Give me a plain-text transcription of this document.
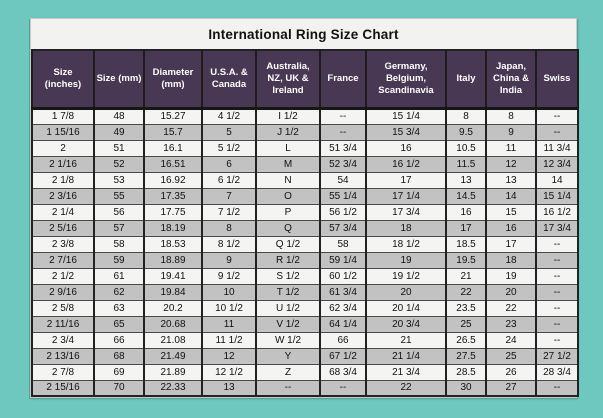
International Ring Size Chart
Size (inches)	Size (mm)	Diameter (mm)	U.S.A. & Canada	Australia, NZ, UK & Ireland	France	Germany, Belgium, Scandinavia	Italy	Japan, China & India	Swiss
1 7/8	48	15.27	4 1/2	I 1/2	--	15 1/4	8	8	--
1 15/16	49	15.7	5	J 1/2	--	15 3/4	9.5	9	--
2	51	16.1	5 1/2	L	51 3/4	16	10.5	11	11 3/4
2 1/16	52	16.51	6	M	52 3/4	16 1/2	11.5	12	12 3/4
2 1/8	53	16.92	6 1/2	N	54	17	13	13	14
2 3/16	55	17.35	7	O	55 1/4	17 1/4	14.5	14	15 1/4
2 1/4	56	17.75	7 1/2	P	56 1/2	17 3/4	16	15	16 1/2
2 5/16	57	18.19	8	Q	57 3/4	18	17	16	17 3/4
2 3/8	58	18.53	8 1/2	Q 1/2	58	18 1/2	18.5	17	--
2 7/16	59	18.89	9	R 1/2	59 1/4	19	19.5	18	--
2 1/2	61	19.41	9 1/2	S 1/2	60 1/2	19 1/2	21	19	--
2 9/16	62	19.84	10	T 1/2	61 3/4	20	22	20	--
2 5/8	63	20.2	10 1/2	U 1/2	62 3/4	20 1/4	23.5	22	--
2 11/16	65	20.68	11	V 1/2	64 1/4	20 3/4	25	23	--
2 3/4	66	21.08	11 1/2	W 1/2	66	21	26.5	24	--
2 13/16	68	21.49	12	Y	67 1/2	21 1/4	27.5	25	27 1/2
2 7/8	69	21.89	12 1/2	Z	68 3/4	21 3/4	28.5	26	28 3/4
2 15/16	70	22.33	13	--	--	22	30	27	--
